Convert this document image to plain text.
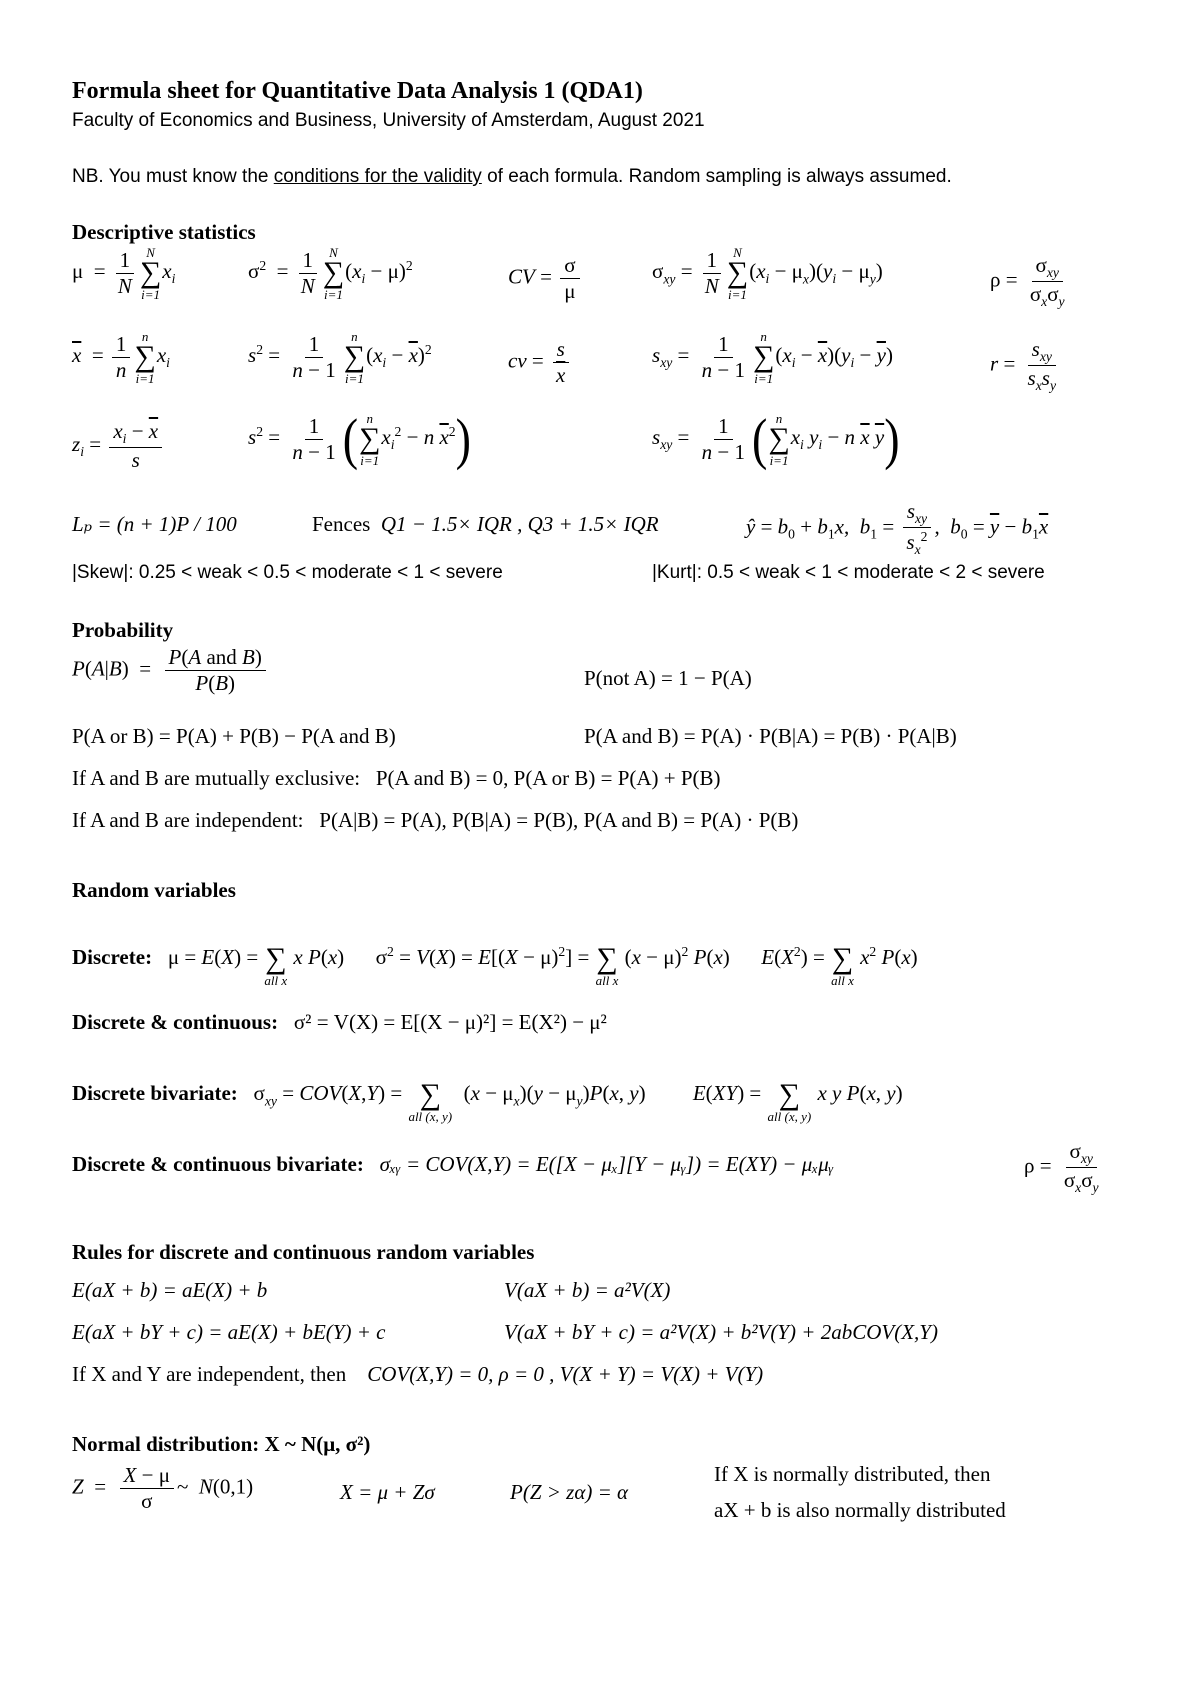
Formula sheet for Quantitative Data Analysis 1 (QDA1)
Faculty of Economics and Business, University of Amsterdam, August 2021
NB. You must know the conditions for the validity of each formula. Random sampling is always assumed.
Descriptive statistics
$\mu = \frac{1}{N}$ N
∑
i=1
$x_i$	$\sigma^2 = \frac{1}{N}$ N
∑
i=1
$(x_i - \mu)^2$	CV = $\frac{\sigma}{\mu}$	$\sigma_{xy} = \frac{1}{N}$ N
∑
i=1
$(x_i - \mu_x)(y_i - \mu_y)$	$\rho = \frac{\sigma_{xy}}{\sigma_x\sigma_y}$
$\overline{x} = \frac{1}{n}$ n
∑
i=1
$x_i$	$s^2 = \frac{1}{n - 1}$ n
∑
i=1
$(x_i - \overline{x})^2$	cv = $\frac{s}{x}$	$s_{xy} = \frac{1}{n - 1}$ n
∑
i=1
$(x_i - \overline{x})(y_i - \overline{y})$	$r = \frac{s_{xy}}{s_xs_y}$
$z_i = \frac{x_i - \overline{x}}{s}$	$s^2 = \frac{1}{n - 1}$ ( n
∑
i=1
$x_i^2 - n$ $\overline{x}^2$)	$s_{xy} = \frac{1}{n - 1}$ ( n
∑
i=1
$x_i$ $y_i - n$ $\overline{x}$ $\overline{y}$)
Lₚ = (n + 1)P / 100	Fences Q1 − 1.5× IQR , Q3 + 1.5× IQR	ŷ = $b_0 + b_1x$,  $b_1 = \frac{s_{xy}}{s_x^2}$ ,  $b_0 = \overline{y} - b_1\overline{x}$
|Skew|: 0.25 < weak < 0.5 < moderate < 1 < severe	|Kurt|: 0.5 < weak < 1 < moderate < 2 < severe
Probability
$P(A|B) = \frac{\text{P(A and B)}}{P(B)}$	P(not A) = 1 − P(A)
P(A or B) = P(A) + P(B) − P(A and B)	P(A and B) = P(A) · P(B|A) = P(B) · P(A|B)
If A and B are mutually exclusive: P(A and B) = 0, P(A or B) = P(A) + P(B)
If A and B are independent: P(A|B) = P(A), P(B|A) = P(B), P(A and B) = P(A) · P(B)
Random variables
Discrete:   μ = E(X) =
∑
all x
x P(x)      $\sigma^2 = V(X) = E[(X - \mu)^2]$ =
∑
all x
$(x - \mu)^2$ P(x)      $E(X^2)$ =
∑
all x
$x^2$ P(x)
Discrete & continuous: σ² = V(X) = E[(X − μ)²] = E(X²) − μ²
Discrete bivariate:   $\sigma_{xy} = COV(X,Y)$ =
∑
all (x, y)
$(x - \mu_x)(y - \mu_y)P(x$, y)         E(XY) =
∑
all (x, y)
x y P(x, y)
Discrete & continuous bivariate: σₓᵧ = COV(X,Y) = E([X − μₓ][Y − μᵧ]) = E(XY) − μₓμᵧ	$\rho = \frac{\sigma_{xy}}{\sigma_x\sigma_y}$
Rules for discrete and continuous random variables
E(aX + b) = aE(X) + b	V(aX + b) = a²V(X)
E(aX + bY + c) = aE(X) + bE(Y) + c	V(aX + bY + c) = a²V(X) + b²V(Y) + 2abCOV(X,Y)
If X and Y are independent, then COV(X,Y) = 0, ρ = 0 , V(X + Y) = V(X) + V(Y)
Normal distribution: X ~ N(μ, σ²)
$Z = \frac{X - \mu}{\sigma}$ ~  N(0,1)	X = μ + Zσ	P(Z > zα) = α
If X is normally distributed, then
aX + b is also normally distributed
